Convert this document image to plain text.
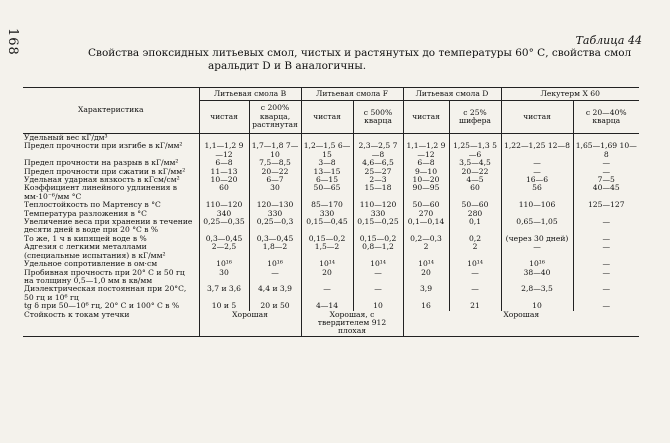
168	Таблица 44
Свойства эпоксидных литьевых смол, чистых и растянутых до температуры 60° С, свойства смол
аральдит D и B аналогичны.
Характеристика	Литьевая смола B		Литьевая смола F		Литьевая смола D		Лекутерм X 60	
	чистая	с 200% кварца, растянутая	чистая	с 500% кварца	чистая	с 25% шифера	чистая	с 20—40% кварца
Удельный вес кГ/дм³								
Предел прочности при изгибе в кГ/мм²	1,1—1,2 9—12	1,7—1,8 7—10	1,2—1,5 6—15	2,3—2,5 7—8	1,1—1,2 9—12	1,25—1,3 5—6	1,22—1,25 12—8	1,65—1,69 10—8
Предел прочности на разрыв в кГ/мм²	6—8	7,5—8,5	3—8	4,6—6,5	6—8	3,5—4,5	—	—
Предел прочности при сжатии в кГ/мм²	11—13	20—22	13—15	25—27	9—10	20—22	—	—
Удельная ударная вязкость в кГсм/см²	10—20	6—7	6—15	2—3	10—20	4—5	16—6	7—5
Коэффициент линейного удлинения в мм·10⁻⁶/мм °C	60	30	50—65	15—18	90—95	60	56	40—45
Теплостойкость по Мартенсу в °C	110—120	120—130	85—170	110—120	50—60	50—60	110—106	125—127
Температура разложения в °C	340	330	330	330	270	280		
Увеличение веса при хранении в течение десяти дней в воде при 20 °C в %	0,25—0,35	0,25—0,3	0,15—0,45	0,15—0,25	0,1—0,14	0,1	0,65—1,05	—
То же, 1 ч в кипящей воде в %	0,3—0,45	0,3—0,45	0,15—0,2	0,15—0,2	0,2—0,3	0,2	(через 30 дней)	—
Адгезия с легкими металлами (специальные испытания) в кГ/мм²	2—2,5	1,8—2	1,5—2	0,8—1,2	2	2	—	—
Удельное сопротивление в ом·см	10¹⁶	10¹⁶	10¹⁴	10¹⁴	10¹⁴	10¹⁴	10¹⁶	—
Пробивная прочность при 20° С и 50 гц на толщину 0,5—1,0 мм в кв/мм	30	—	20	—	20	—	38—40	—
Диэлектрическая постоянная при 20°С, 50 гц и 10⁶ гц	3,7 и 3,6	4,4 и 3,9	—	—	3,9	—	2,8—3,5	—
tg δ при 50—10⁶ гц, 20° С и 100° С в %	10 и 5	20 и 50	4—14	10	16	21	10	—
Стойкость к токам утечки	Хорошая		Хорошая, с твердителем 912 плохая		Хорошая			
